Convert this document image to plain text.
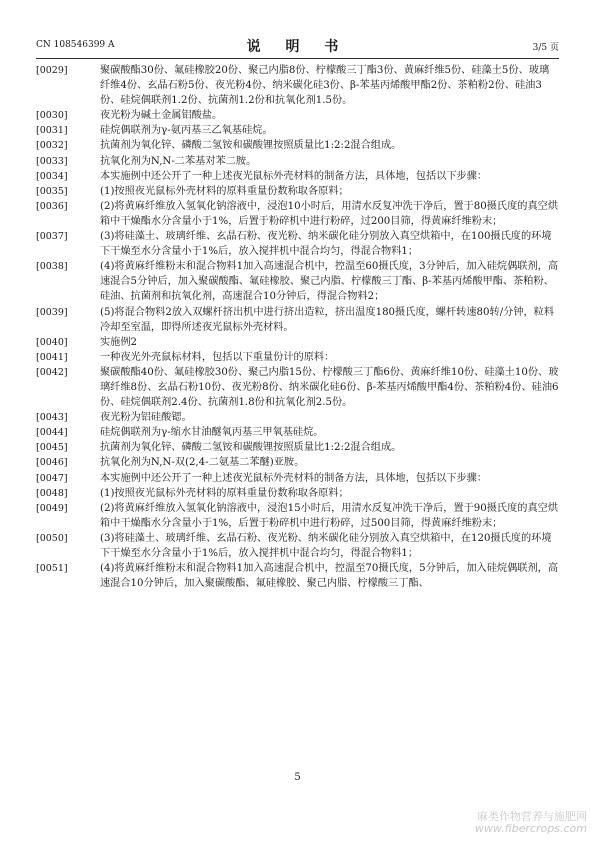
CN 108546399 A	说 明 书	3/5 页
[0029]	聚碳酸酯30份、氟硅橡胶20份、聚己内脂8份、柠檬酸三丁酯3份、黄麻纤维5份、硅藻土5份、玻璃纤维4份、玄晶石粉5份、夜光粉4份、纳米碳化硅3份、β-苯基丙烯酸甲酯2份、茶粕粉2份、硅油3份、硅烷偶联剂1.2份、抗菌剂1.2份和抗氧化剂1.5份。
[0030]	夜光粉为碱土金属铝酸盐。
[0031]	硅烷偶联剂为γ-氨丙基三乙氧基硅烷。
[0032]	抗菌剂为氧化锌、磷酸二氢铵和碳酸锂按照质量比1:2:2混合组成。
[0033]	抗氧化剂为N,N-二苯基对苯二胺。
[0034]	本实施例中还公开了一种上述夜光鼠标外壳材料的制备方法，具体地，包括以下步骤：
[0035]	(1)按照夜光鼠标外壳材料的原料重量份数称取各原料；
[0036]	(2)将黄麻纤维放入氢氧化钠溶液中，浸泡10小时后，用清水反复冲洗干净后，置于80摄氏度的真空烘箱中干燥酯水分含量小于1%，后置于粉碎机中进行粉碎，过200目筛，得黄麻纤维粉末；
[0037]	(3)将硅藻土、玻璃纤维、玄晶石粉、夜光粉、纳米碳化硅分别放入真空烘箱中，在100摄氏度的环境下干燥至水分含量小于1%后，放入搅拌机中混合均匀，得混合物料1；
[0038]	(4)将黄麻纤维粉末和混合物料1加入高速混合机中，控温至60摄氏度，3分钟后，加入硅烷偶联剂，高速混合5分钟后，加入聚碳酸酯、氟硅橡胶、聚己内脂、柠檬酸三丁酯、β-苯基丙烯酸甲酯、茶粕粉、硅油、抗菌剂和抗氧化剂，高速混合10分钟后，得混合物料2；
[0039]	(5)将混合物料2放入双螺杆挤出机中进行挤出造粒，挤出温度180摄氏度，螺杆转速80转/分钟，粒料冷却至室温，即得所述夜光鼠标外壳材料。
[0040]	实施例2
[0041]	一种夜光外壳鼠标材料，包括以下重量份计的原料：
[0042]	聚碳酸酯40份、氟硅橡胶30份、聚己内脂15份、柠檬酸三丁酯6份、黄麻纤维10份、硅藻土10份、玻璃纤维8份、玄晶石粉10份、夜光粉8份、纳米碳化硅6份、β-苯基丙烯酸甲酯4份、茶粕粉4份、硅油6份、硅烷偶联剂2.4份、抗菌剂1.8份和抗氧化剂2.5份。
[0043]	夜光粉为铝硅酸锶。
[0044]	硅烷偶联剂为γ-缩水甘油醚氧丙基三甲氧基硅烷。
[0045]	抗菌剂为氧化锌、磷酸二氢铵和碳酸锂按照质量比1:2:2混合组成。
[0046]	抗氧化剂为N,N-双(2,4-二氨基二苯醚)亚胺。
[0047]	本实施例中还公开了一种上述夜光鼠标外壳材料的制备方法，具体地，包括以下步骤：
[0048]	(1)按照夜光鼠标外壳材料的原料重量份数称取各原料；
[0049]	(2)将黄麻纤维放入氢氧化钠溶液中，浸泡15小时后，用清水反复冲洗干净后，置于90摄氏度的真空烘箱中干燥酯水分含量小于1%，后置于粉碎机中进行粉碎，过500目筛，得黄麻纤维粉末；
[0050]	(3)将硅藻土、玻璃纤维、玄晶石粉、夜光粉、纳米碳化硅分别放入真空烘箱中，在120摄氏度的环境下干燥至水分含量小于1%后，放入搅拌机中混合均匀，得混合物料1；
[0051]	(4)将黄麻纤维粉末和混合物料1加入高速混合机中，控温至70摄氏度，5分钟后，加入硅烷偶联剂，高速混合10分钟后，加入聚碳酸酯、氟硅橡胶、聚己内脂、柠檬酸三丁酯、
5
麻类作物营养与施肥网
www.fibercrops.com
